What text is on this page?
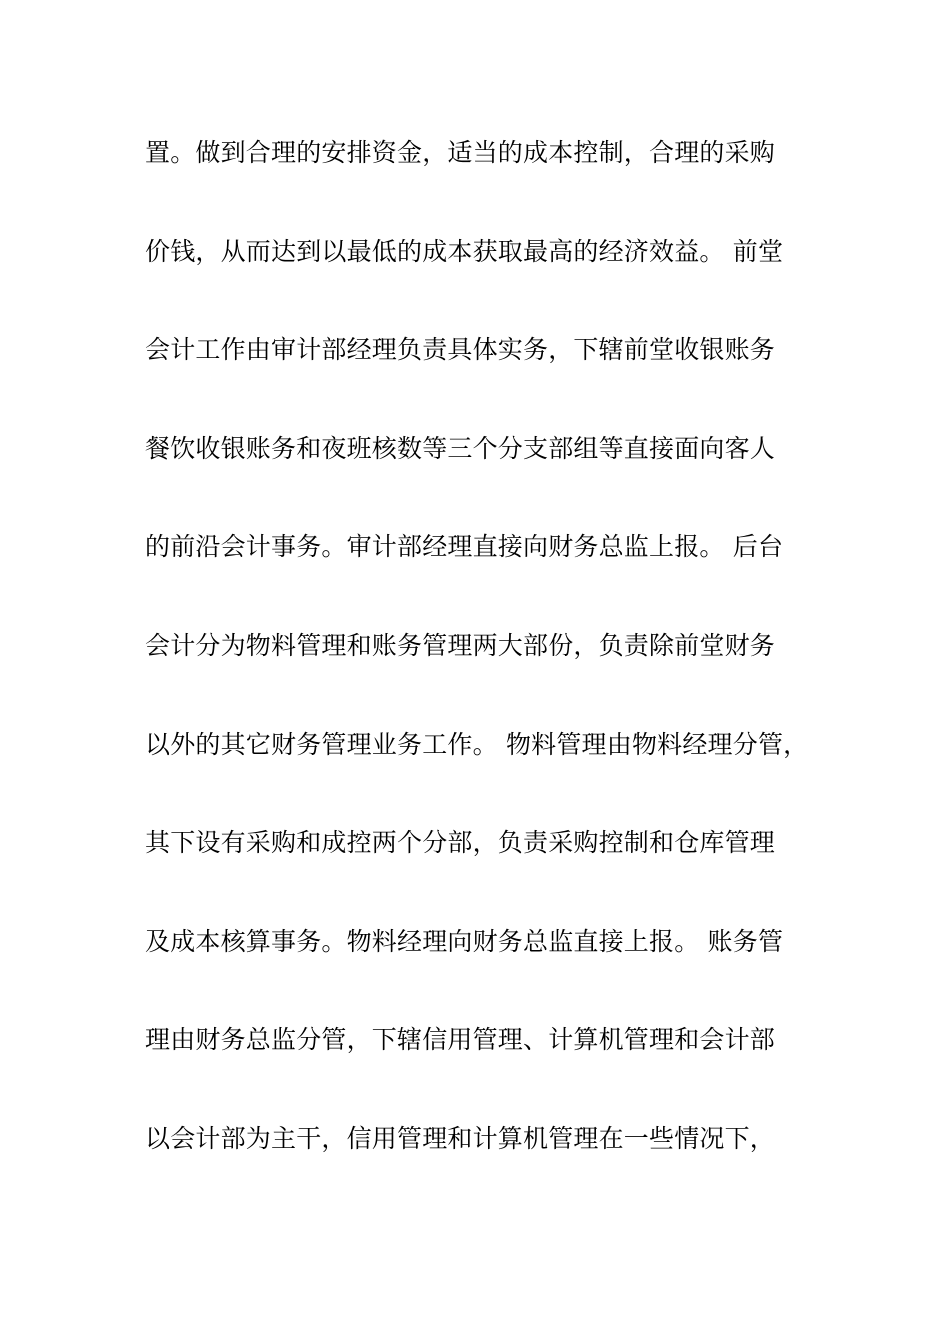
置。做到合理的安排资金，适当的成本控制，合理的采购
价钱，从而达到以最低的成本获取最高的经济效益。 前堂
会计工作由审计部经理负责具体实务，下辖前堂收银账务
餐饮收银账务和夜班核数等三个分支部组等直接面向客人
的前沿会计事务。审计部经理直接向财务总监上报。 后台
会计分为物料管理和账务管理两大部份，负责除前堂财务
以外的其它财务管理业务工作。 物料管理由物料经理分管，
其下设有采购和成控两个分部，负责采购控制和仓库管理
及成本核算事务。物料经理向财务总监直接上报。 账务管
理由财务总监分管，下辖信用管理、计算机管理和会计部
以会计部为主干，信用管理和计算机管理在一些情况下，
